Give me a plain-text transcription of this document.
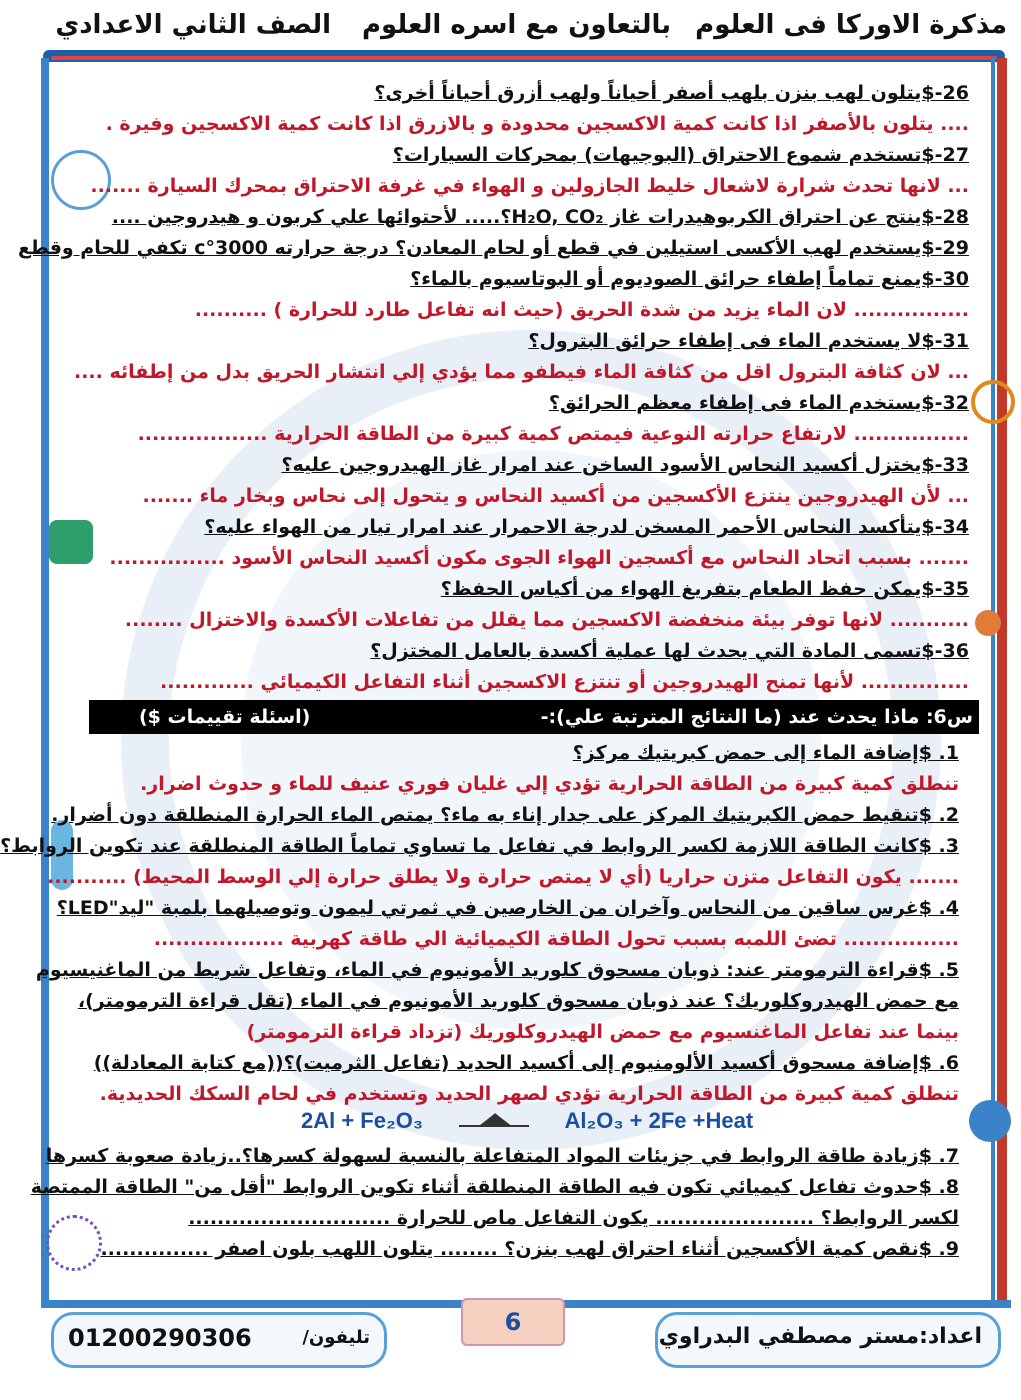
مذكرة الاوركا فى العلوم
بالتعاون مع اسره العلوم
الصف الثاني الاعدادي
26-$يتلون لهب بنزن بلهب أصفر أحياناً ولهب أزرق أحياناً أخرى؟
.... يتلون بالأصفر اذا كانت كمية الاكسجين محدودة و بالازرق اذا كانت كمية الاكسجين وفيرة .
27-$تستخدم شموع الاحتراق (البوجيهات) بمحركات السيارات؟
... لانها تحدث شرارة لاشعال خليط الجازولين و الهواء في غرفة الاحتراق بمحرك السيارة .......
28-$ينتج عن احتراق الكربوهيدرات غاز H₂O, CO₂؟..... لأحتوائها علي كربون و هيدروجين ....
29-$يستخدم لهب الأكسى استيلين في قطع أو لحام المعادن؟ درجة حرارته 3000°c تكفي للحام وقطع
30-$يمنع تماماً إطفاء حرائق الصوديوم أو البوتاسيوم بالماء؟
................ لان الماء يزيد من شدة الحريق (حيث انه تفاعل طارد للحرارة ) ..........
31-$لا يستخدم الماء فى إطفاء حرائق البترول؟
... لان كثافة البترول اقل من كثافة الماء فيطفو مما يؤدي إلي انتشار الحريق بدل من إطفائه ....
32-$يستخدم الماء فى إطفاء معظم الحرائق؟
................ لارتفاع حرارته النوعية فيمتص كمية كبيرة من الطاقة الحرارية ..................
33-$يختزل أكسيد النحاس الأسود الساخن عند امرار غاز الهيدروجين عليه؟
... لأن الهيدروجين ينتزع الأكسجين من أكسيد النحاس و يتحول إلى نحاس وبخار ماء .......
34-$يتأكسد النحاس الأحمر المسخن لدرجة الاحمرار عند امرار تيار من الهواء عليه؟
....... بسبب اتحاد النحاس مع أكسجين الهواء الجوى مكون أكسيد النحاس الأسود ................
35-$يمكن حفظ الطعام بتفريغ الهواء من أكياس الحفظ؟
........... لانها توفر بيئة منخفضة الاكسجين مما يقلل من تفاعلات الأكسدة والاختزال ........
36-$تسمى المادة التي يحدث لها عملية أكسدة بالعامل المختزل؟
............... لأنها تمنح الهيدروجين أو تنتزع الاكسجين أثناء التفاعل الكيميائي .............
س6: ماذا يحدث عند (ما النتائج المترتبة علي):-
(اسئلة تقييمات $)
1. $إضافة الماء إلى حمض كبريتيك مركز؟
تنطلق كمية كبيرة من الطاقة الحرارية تؤدي إلي غليان فوري عنيف للماء و حدوث اضرار.
2. $تنقيط حمض الكبريتيك المركز على جدار إناء به ماء؟ يمتص الماء الحرارة المنطلقة دون أضرار.
3. $كانت الطاقة اللازمة لكسر الروابط في تفاعل ما تساوي تماماً الطاقة المنطلقة عند تكوين الروابط؟
....... يكون التفاعل متزن حراريا (أي لا يمتص حرارة ولا يطلق حرارة إلي الوسط المحيط) ...........
4. $غرس ساقين من النحاس وآخران من الخارصين في ثمرتي ليمون وتوصيلهما بلمبة "ليد"LED؟
................ تضئ اللمبه بسبب تحول الطاقة الكيميائية الي طاقة كهربية ..................
5. $قراءة الترمومتر عند: ذوبان مسحوق كلوريد الأمونيوم في الماء، وتفاعل شريط من الماغنيسيوم
مع حمض الهيدروكلوريك؟ عند ذوبان مسحوق كلوريد الأمونيوم في الماء (تقل قراءة الترمومتر)،
بينما عند تفاعل الماغنسيوم مع حمض الهيدروكلوريك (تزداد قراءة الترمومتر)
6. $إضافة مسحوق أكسيد الألومنيوم إلى أكسيد الحديد (تفاعل الثرميت)؟((مع كتابة المعادلة))
تنطلق كمية كبيرة من الطاقة الحرارية تؤدي لصهر الحديد وتستخدم في لحام السكك الحديدية.
7. $زيادة طاقة الروابط في جزيئات المواد المتفاعلة بالنسبة لسهولة كسرها؟..زيادة صعوبة كسرها
8. $حدوث تفاعل كيميائي تكون فيه الطاقة المنطلقة أثناء تكوين الروابط "أقل من" الطاقة الممتصة
لكسر الروابط؟ ...................... يكون التفاعل ماص للحرارة ............................
9. $نقص كمية الأكسجين أثناء احتراق لهب بنزن؟ ........ يتلون اللهب بلون اصفر ...............
2Al + Fe₂O₃	Al₂O₃ + 2Fe +Heat
اعداد:مستر مصطفي البدراوي
6
تليفون/
01200290306
